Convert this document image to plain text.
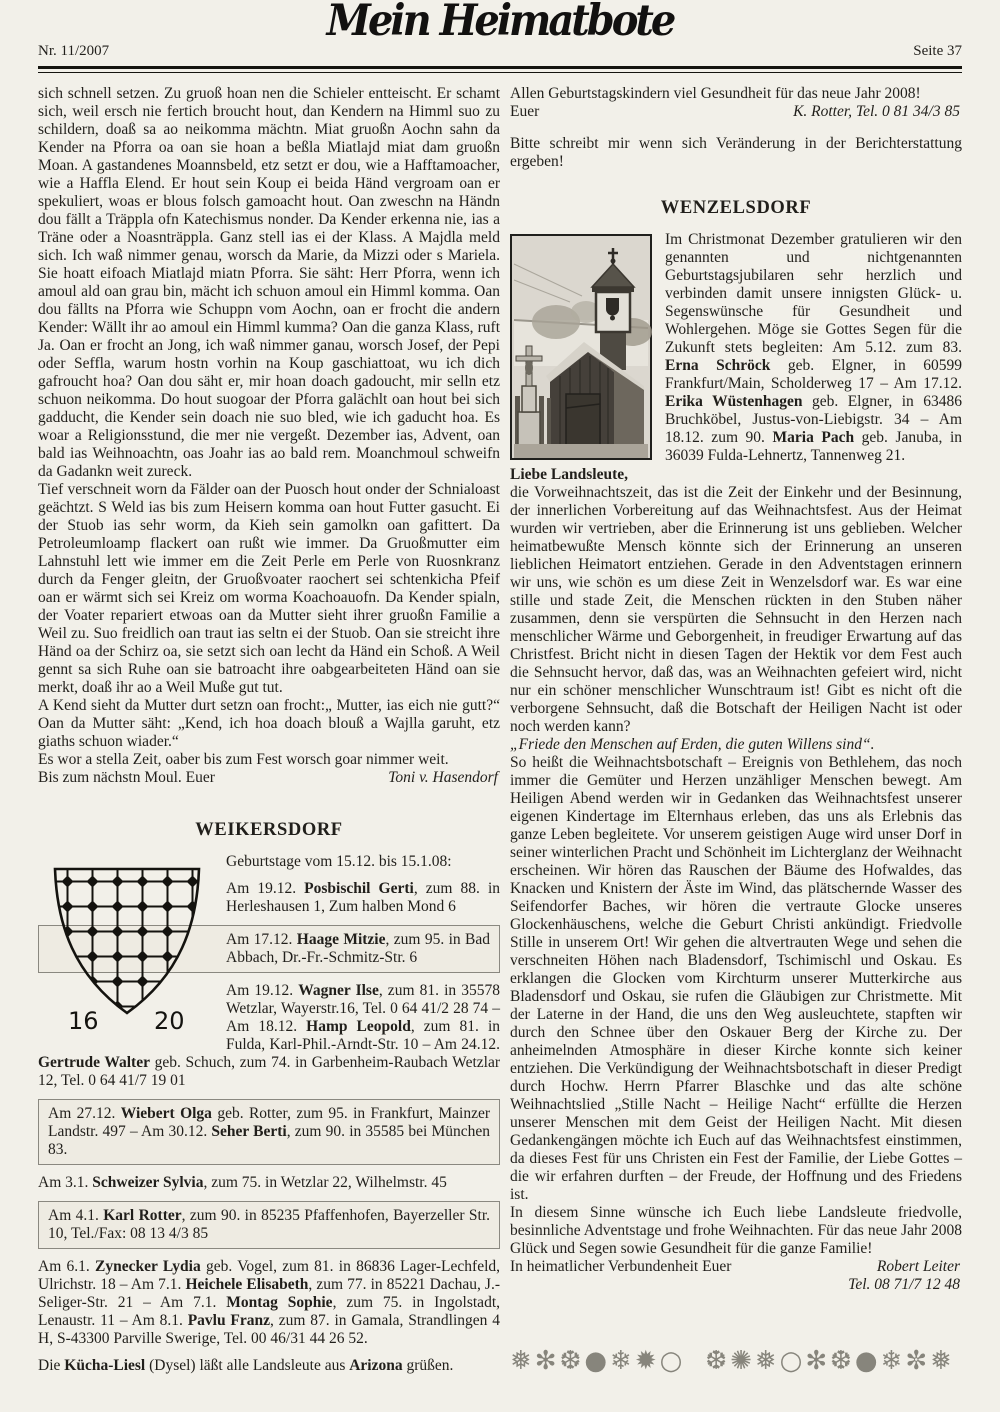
Nr. 11/2007
Mein Heimatbote
Seite 37

sich schnell setzen. Zu gruoß hoan nen die Schieler entteischt. Er schamt sich, weil ersch nie fertich broucht hout, dan Kendern na Himml suo zu schildern, doaß sa ao neikomma mächtn. Miat gruoßn Aochn sahn da Kender na Pforra oa oan sie hoan a beßla Miatlajd miat dam gruoßn Moan. A gastandenes Moannsbeld, etz setzt er dou, wie a Hafftamoacher, wie a Haffla Elend. Er hout sein Koup ei beida Händ vergroam oan er spekuliert, woas er blous folsch gamoacht hout. Oan zweschn na Händn dou fällt a Träppla ofn Katechismus nonder. Da Kender erkenna nie, ias a Träne oder a Noasnträppla. Ganz stell ias ei der Klass. A Majdla meld sich. Ich waß nimmer genau, worsch da Marie, da Mizzi oder s Mariela. Sie hoatt eifoach Miatlajd miatn Pforra. Sie säht: Herr Pforra, wenn ich amoul ald oan grau bin, mächt ich schuon amoul ein Himml komma. Oan dou fällts na Pforra wie Schuppn vom Aochn, oan er frocht die andern Kender: Wällt ihr ao amoul ein Himml kumma? Oan die ganza Klass, ruft Ja. Oan er frocht an Jong, ich waß nimmer ganau, worsch Josef, der Pepi oder Seffla, warum hostn vorhin na Koup gaschiattoat, wu ich dich gafroucht hoa? Oan dou säht er, mir hoan doach gadoucht, mir selln etz schuon neikomma. Do hout suogoar der Pforra galächlt oan hout bei sich gadducht, die Kender sein doach nie suo bled, wie ich gaducht hoa. Es woar a Religionsstund, die mer nie vergeßt. Dezember ias, Advent, oan bald ias Weihnoachtn, oas Joahr ias ao bald rem. Moanchmoul schweifn da Gadankn weit zureck.

Tief verschneit worn da Fälder oan der Puosch hout onder der Schnialoast geächtzt. S Weld ias bis zum Heisern komma oan hout Futter gasucht. Ei der Stuob ias sehr worm, da Kieh sein gamolkn oan gafittert. Da Petroleumloamp flackert oan rußt wie immer. Da Gruoßmutter eim Lahnstuhl lett wie immer em die Zeit Perle em Perle von Ruosnkranz durch da Fenger gleitn, der Gruoßvoater raochert sei schtenkicha Pfeif oan er wärmt sich sei Kreiz om worma Koachoauofn. Da Kender spialn, der Voater repariert etwoas oan da Mutter sieht ihrer gruoßn Familie a Weil zu. Suo freidlich oan traut ias seltn ei der Stuob. Oan sie streicht ihre Händ oa der Schirz oa, sie setzt sich oan lecht da Händ ein Schoß. A Weil gennt sa sich Ruhe oan sie batroacht ihre oabgearbeiteten Händ oan sie merkt, doaß ihr ao a Weil Muße gut tut.

A Kend sieht da Mutter durt setzn oan frocht:„ Mutter, ias eich nie gutt?“ Oan da Mutter säht: „Kend, ich hoa doach blouß a Wajlla garuht, etz giaths schuon wiader.“

Es wor a stella Zeit, oaber bis zum Fest worsch goar nimmer weit.

Bis zum nächstn Moul. Euer	Toni v. Hasendorf
WEIKERSDORF
16 20

Geburtstage vom 15.12. bis 15.1.08:

Am 19.12. Posbischil Gerti, zum 88. in Herleshausen 1, Zum halben Mond 6
Am 17.12. Haage Mitzie, zum 95. in Bad Abbach, Dr.-Fr.-Schmitz-Str. 6
Am 19.12. Wagner Ilse, zum 81. in 35578 Wetzlar, Wayerstr.16, Tel. 0 64 41/2 28 74 – Am 18.12. Hamp Leopold, zum 81. in Fulda, Karl-Phil.-Arndt-Str. 10 – Am 24.12. Gertrude Walter geb. Schuch, zum 74. in Garbenheim-Raubach Wetzlar 12, Tel. 0 64 41/7 19 01
Am 27.12. Wiebert Olga geb. Rotter, zum 95. in Frankfurt, Mainzer Landstr. 497 – Am 30.12. Seher Berti, zum 90. in 35585 bei München 83.
Am 3.1. Schweizer Sylvia, zum 75. in Wetzlar 22, Wilhelmstr. 45
Am 4.1. Karl Rotter, zum 90. in 85235 Pfaffenhofen, Bayerzeller Str. 10, Tel./Fax: 08 13 4/3 85
Am 6.1. Zynecker Lydia geb. Vogel, zum 81. in 86836 Lager-Lechfeld, Ulrichstr. 18 – Am 7.1. Heichele Elisabeth, zum 77. in 85221 Dachau, J.-Seliger-Str. 21 – Am 7.1. Montag Sophie, zum 75. in Ingolstadt, Lenaustr. 11 – Am 8.1. Pavlu Franz, zum 87. in Gamala, Strandlingen 4 H, S-43300 Parville Swerige, Tel. 00 46/31 44 26 52.
Die Kücha-Liesl (Dysel) läßt alle Landsleute aus Arizona grüßen.

Allen Geburtstagskindern viel Gesundheit für das neue Jahr 2008!

Euer	K. Rotter, Tel. 0 81 34/3 85

Bitte schreibt mir wenn sich Veränderung in der Berichterstattung ergeben!

WENZELSDORF
Im Christmonat Dezember gratulieren wir den genannten und nichtgenannten Geburtstagsjubilaren sehr herzlich und verbinden damit unsere innigsten Glück- u. Segenswünsche für Gesundheit und Wohlergehen. Möge sie Gottes Segen für die Zukunft stets begleiten: Am 5.12. zum 83. Erna Schröck geb. Elgner, in 60599 Frankfurt/Main, Scholderweg 17 – Am 17.12. Erika Wüstenhagen geb. Elgner, in 63486 Bruchköbel, Justus-von-Liebigstr. 34 – Am 18.12. zum 90. Maria Pach geb. Januba, in 36039 Fulda-Lehnertz, Tannenweg 21.

Liebe Landsleute,

die Vorweihnachtszeit, das ist die Zeit der Einkehr und der Besinnung, der innerlichen Vorbereitung auf das Weihnachtsfest. Aus der Heimat wurden wir vertrieben, aber die Erinnerung ist uns geblieben. Welcher heimatbewußte Mensch könnte sich der Erinnerung an unseren lieblichen Heimatort entziehen. Gerade in den Adventstagen erinnern wir uns, wie schön es um diese Zeit in Wenzelsdorf war. Es war eine stille und stade Zeit, die Menschen rückten in den Stuben näher zusammen, denn sie verspürten die Sehnsucht in den Herzen nach menschlicher Wärme und Geborgenheit, in freudiger Erwartung auf das Christfest. Bricht nicht in diesen Tagen der Hektik vor dem Fest auch die Sehnsucht hervor, daß das, was an Weihnachten gefeiert wird, nicht nur ein schöner menschlicher Wunschtraum ist! Gibt es nicht oft die verborgene Sehnsucht, daß die Botschaft der Heiligen Nacht ist oder noch werden kann?

„Friede den Menschen auf Erden, die guten Willens sind“.

So heißt die Weihnachtsbotschaft – Ereignis von Bethlehem, das noch immer die Gemüter und Herzen unzähliger Menschen bewegt. Am Heiligen Abend werden wir in Gedanken das Weihnachtsfest unserer eigenen Kindertage im Elternhaus erleben, das uns als Erlebnis das ganze Leben begleitete. Vor unserem geistigen Auge wird unser Dorf in seiner winterlichen Pracht und Schönheit im Lichterglanz der Weihnacht erscheinen. Wir hören das Rauschen der Bäume des Hofwaldes, das Knacken und Knistern der Äste im Wind, das plätschernde Wasser des Seifendorfer Baches, wir hören die vertraute Glocke unseres Glockenhäuschens, welche die Geburt Christi ankündigt. Friedvolle Stille in unserem Ort! Wir gehen die altvertrauten Wege und sehen die verschneiten Höhen nach Bladensdorf, Tschimischl und Oskau. Es erklangen die Glocken vom Kirchturm unserer Mutterkirche aus Bladensdorf und Oskau, sie rufen die Gläubigen zur Christmette. Mit der Laterne in der Hand, die uns den Weg ausleuchtete, stapften wir durch den Schnee über den Oskauer Berg der Kirche zu. Der anheimelnden Atmosphäre in dieser Kirche konnte sich keiner entziehen. Die Verkündigung der Weihnachtsbotschaft in dieser Predigt durch Hochw. Herrn Pfarrer Blaschke und das alte schöne Weihnachtslied „Stille Nacht – Heilige Nacht“ erfüllte die Herzen unserer Menschen mit dem Geist der Heiligen Nacht. Mit diesen Gedankengängen möchte ich Euch auf das Weihnachtsfest einstimmen, da dieses Fest für uns Christen ein Fest der Familie, der Liebe Gottes – die wir erfahren durften – der Freude, der Hoffnung und des Friedens ist.

In diesem Sinne wünsche ich Euch liebe Landsleute friedvolle, besinnliche Adventstage und frohe Weihnachten. Für das neue Jahr 2008 Glück und Segen sowie Gesundheit für die ganze Familie!

In heimatlicher Verbundenheit Euer	Robert Leiter
Tel. 08 71/7 12 48
❅✻❆●❄✹○ ❆✺❅○✻❆●❄✼❅
